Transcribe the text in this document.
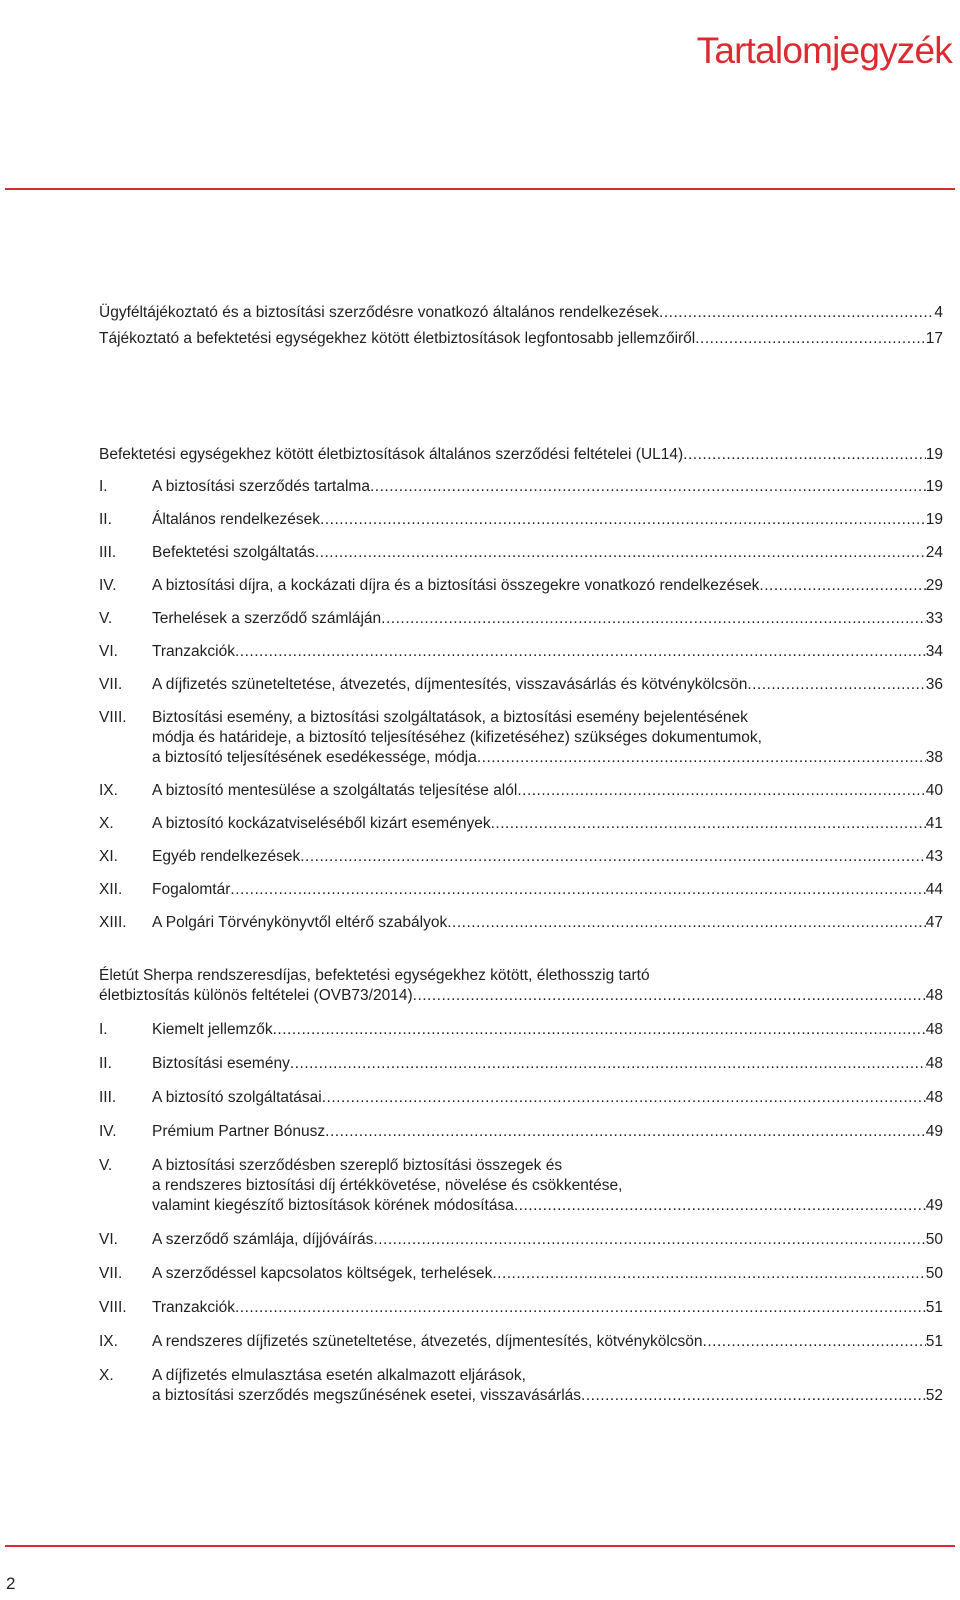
Tartalomjegyzék
Ügyféltájékoztató és a biztosítási szerződésre vonatkozó általános rendelkezések .....	4
Tájékoztató a befektetési egységekhez kötött életbiztosítások legfontosabb jellemzőiről .....	17
Befektetési egységekhez kötött életbiztosítások általános szerződési feltételei (UL14) .....	19
I.	A biztosítási szerződés tartalma .....	19
II.	Általános rendelkezések .....	19
III.	Befektetési szolgáltatás .....	24
IV.	A biztosítási díjra, a kockázati díjra és a biztosítási összegekre vonatkozó rendelkezések .....	29
V.	Terhelések a szerződő számláján .....	33
VI.	Tranzakciók .....	34
VII.	A díjfizetés szüneteltetése, átvezetés, díjmentesítés, visszavásárlás és kötvénykölcsön .....	36
VIII.	Biztosítási esemény, a biztosítási szolgáltatások, a biztosítási esemény bejelentésének
módja és határideje, a biztosító teljesítéséhez (kifizetéséhez) szükséges dokumentumok,
a biztosító teljesítésének esedékessége, módja .....	38
IX.	A biztosító mentesülése a szolgáltatás teljesítése alól .....	40
X.	A biztosító kockázatviseléséből kizárt események .....	41
XI.	Egyéb rendelkezések .....	43
XII.	Fogalomtár .....	44
XIII.	A Polgári Törvénykönyvtől eltérő szabályok .....	47
Életút Sherpa rendszeresdíjas, befektetési egységekhez kötött, élethosszig tartó
életbiztosítás különös feltételei (OVB73/2014) .....	48
I.	Kiemelt jellemzők .....	48
II.	Biztosítási esemény .....	48
III.	A biztosító szolgáltatásai .....	48
IV.	Prémium Partner Bónusz .....	49
V.	A biztosítási szerződésben szereplő biztosítási összegek és
a rendszeres biztosítási díj értékkövetése, növelése és csökkentése,
valamint kiegészítő biztosítások körének módosítása .....	49
VI.	A szerződő számlája, díjjóváírás .....	50
VII.	A szerződéssel kapcsolatos költségek, terhelések .....	50
VIII.	Tranzakciók .....	51
IX.	A rendszeres díjfizetés szüneteltetése, átvezetés, díjmentesítés, kötvénykölcsön .....	51
X.	A díjfizetés elmulasztása esetén alkalmazott eljárások,
a biztosítási szerződés megszűnésének esetei, visszavásárlás .....	52
2
